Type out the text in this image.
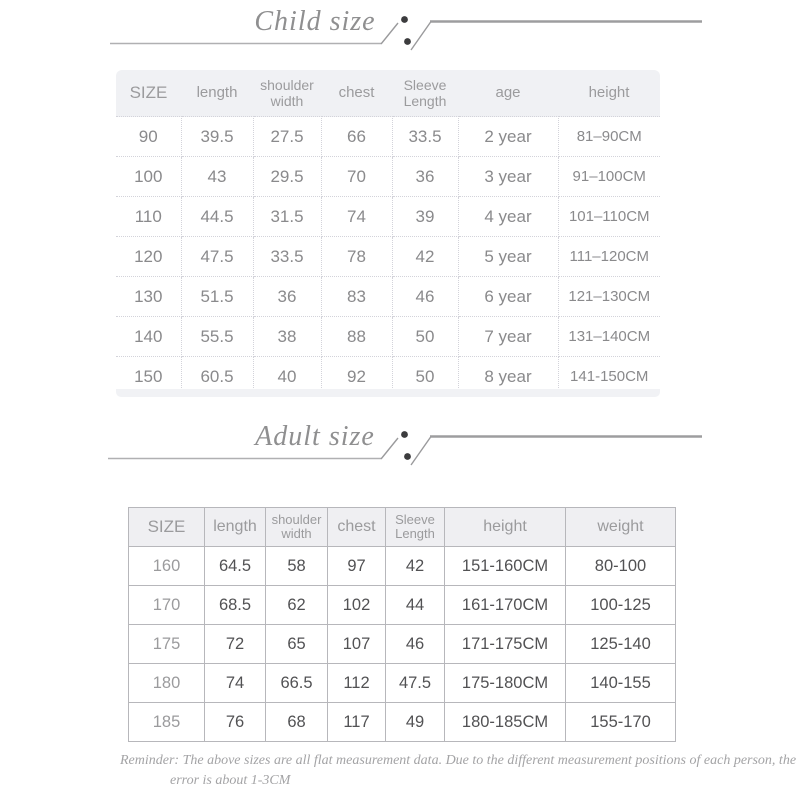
Child size
SIZE	length	shoulder width	chest	Sleeve Length	age	height
90	39.5	27.5	66	33.5	2 year	81–90CM
100	43	29.5	70	36	3 year	91–100CM
110	44.5	31.5	74	39	4 year	101–110CM
120	47.5	33.5	78	42	5 year	111–120CM
130	51.5	36	83	46	6 year	121–130CM
140	55.5	38	88	50	7 year	131–140CM
150	60.5	40	92	50	8 year	141-150CM
Adult size
SIZE	length	shoulder width	chest	Sleeve Length	height	weight
160	64.5	58	97	42	151-160CM	80-100
170	68.5	62	102	44	161-170CM	100-125
175	72	65	107	46	171-175CM	125-140
180	74	66.5	112	47.5	175-180CM	140-155
185	76	68	117	49	180-185CM	155-170
Reminder: The above sizes are all flat measurement data. Due to the different measurement positions of each person, the
error is about 1-3CM
